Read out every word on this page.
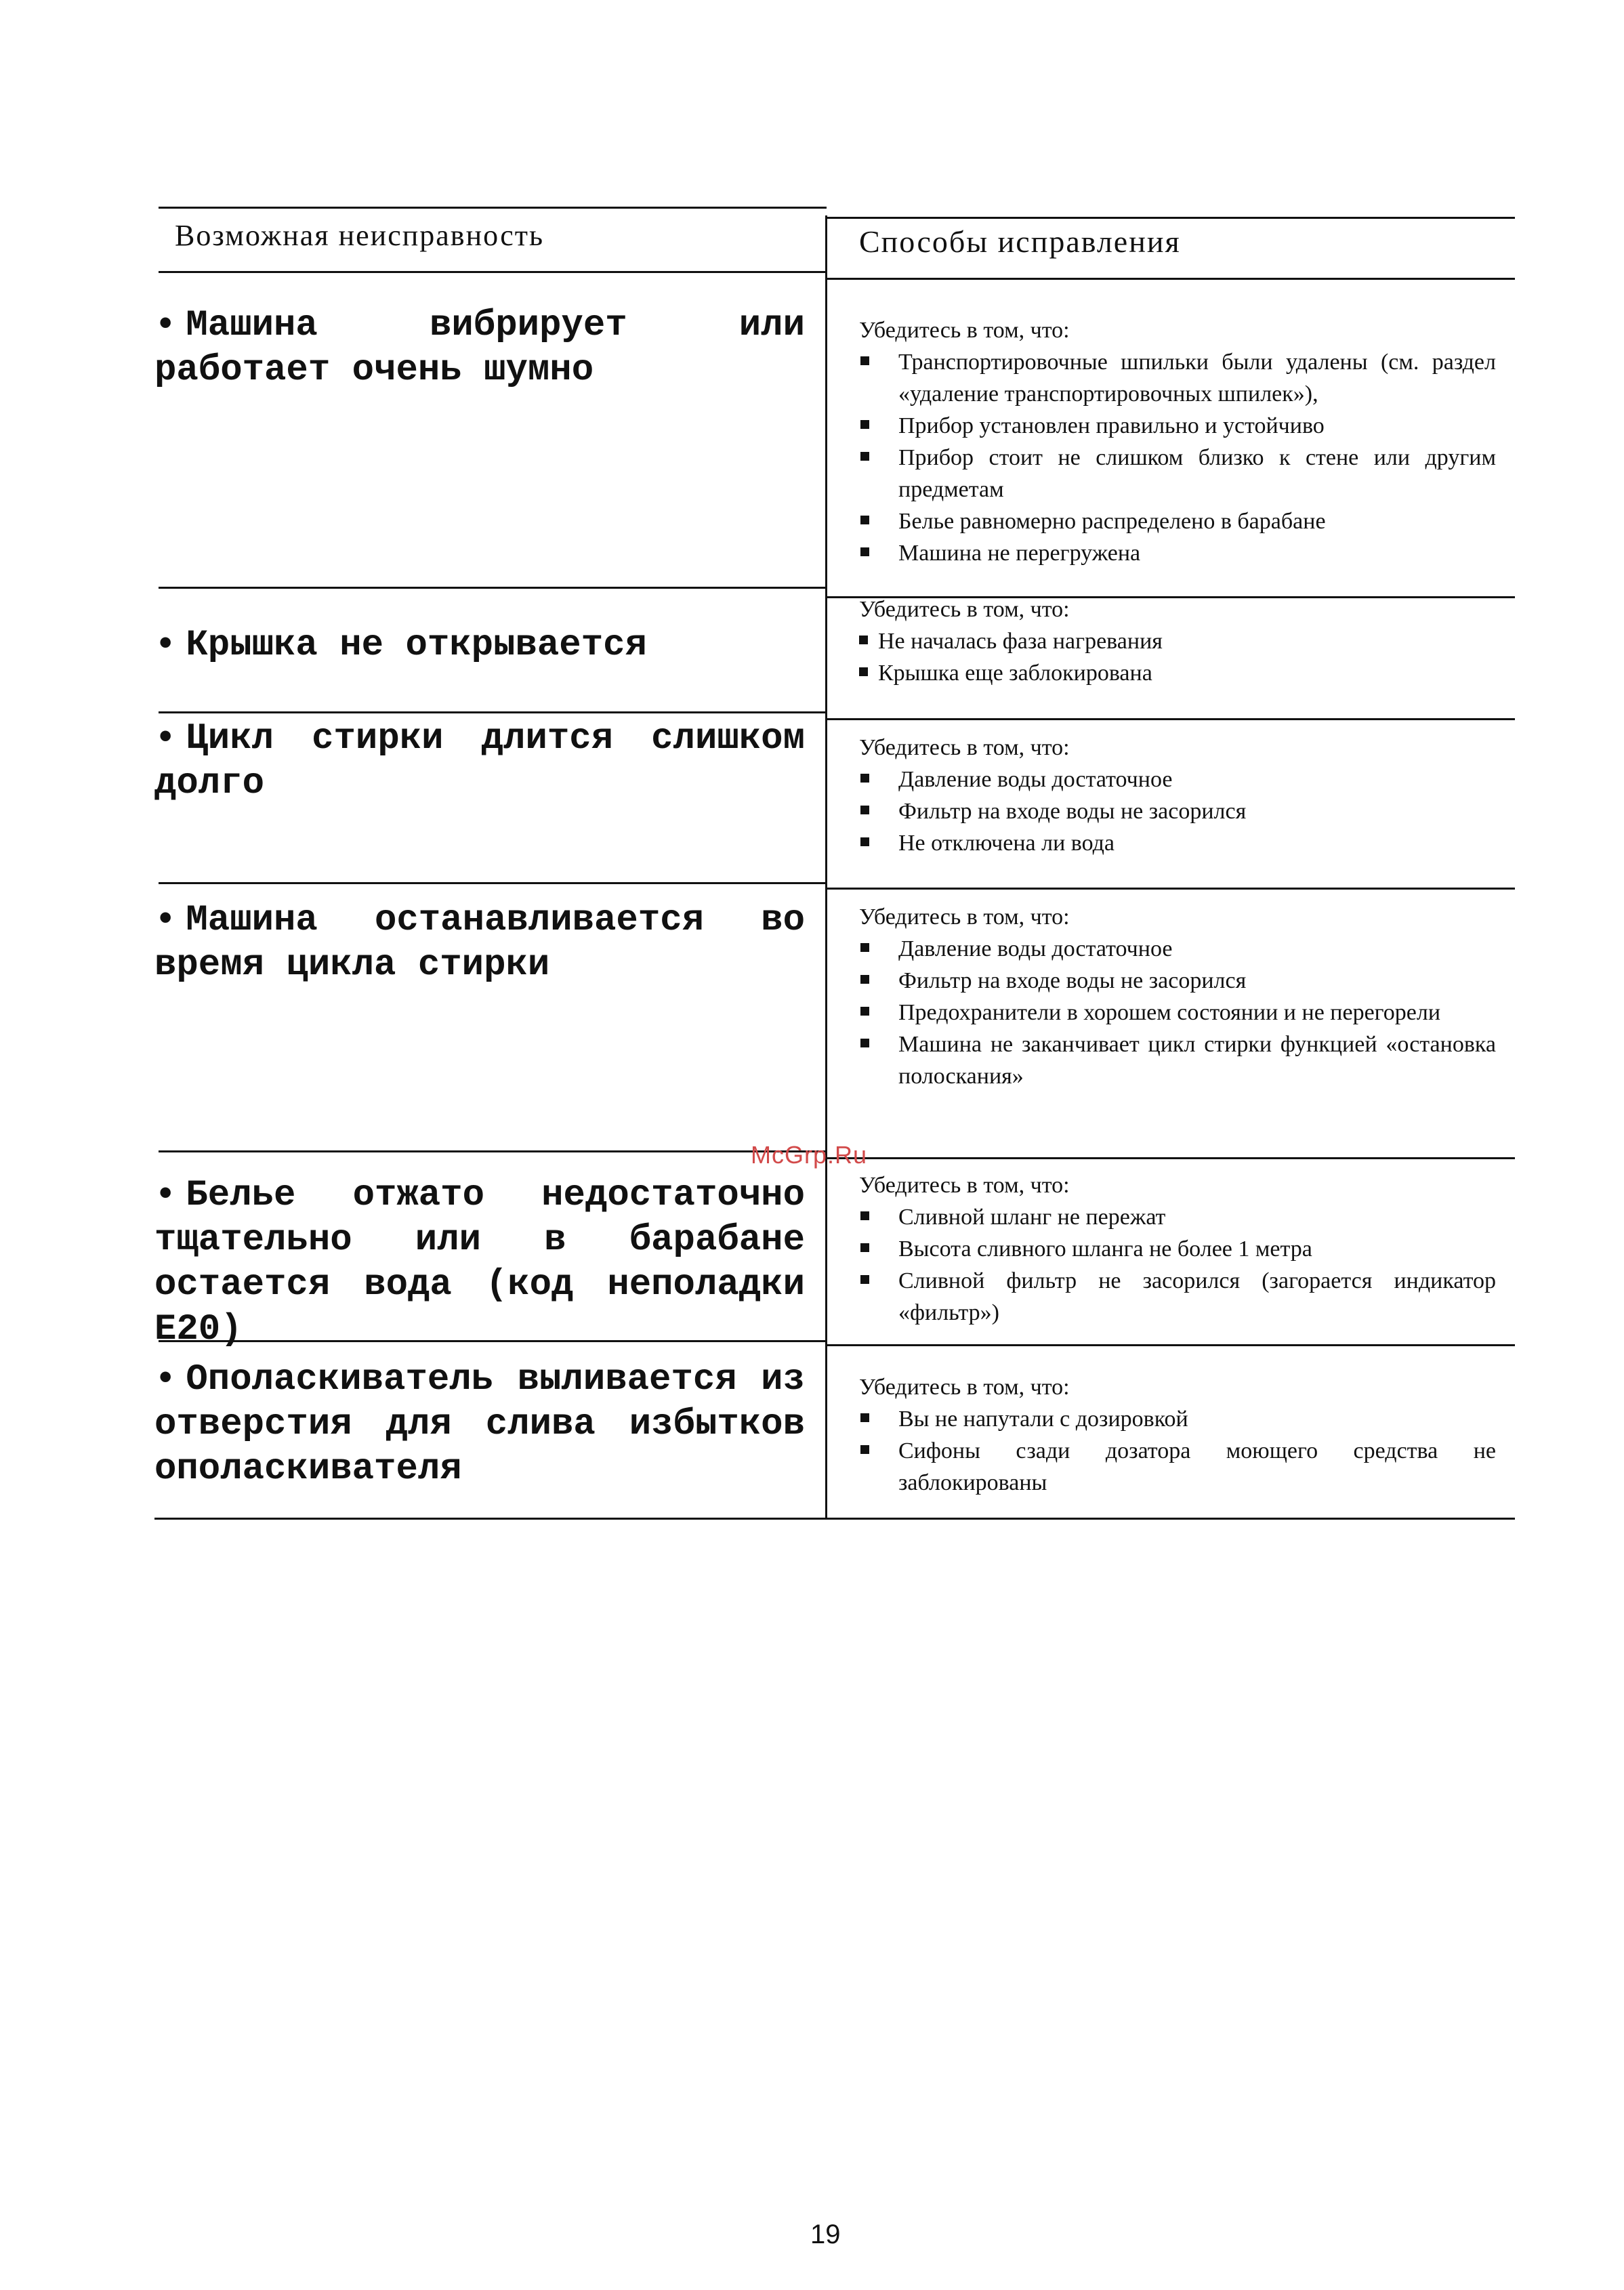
Возможная неисправность	Способы исправления
• Машина вибрирует или работает очень шумно
Убедитесь в том, что:
Транспортировочные шпильки были удалены (см. раздел «удаление транспортировочных шпилек»),
Прибор установлен правильно и устойчиво
Прибор стоит не слишком близко к стене или другим предметам
Белье равномерно распределено в барабане
Машина не перегружена
• Крышка не открывается
Убедитесь в том, что:
Не началась фаза нагревания
Крышка еще заблокирована
• Цикл стирки длится слишком долго
Убедитесь в том, что:
Давление воды достаточное
Фильтр на входе воды не засорился
Не отключена ли вода
• Машина останавливается во время цикла стирки
Убедитесь в том, что:
Давление воды достаточное
Фильтр на входе воды не засорился
Предохранители в хорошем состоянии и не перегорели
Машина не заканчивает цикл стирки функцией «остановка полоскания»
• Белье отжато недостаточно тщательно или в барабане остается вода (код неполадки Е20)
Убедитесь в том, что:
Сливной шланг не пережат
Высота сливного шланга не более 1 метра
Сливной фильтр не засорился (загорается индикатор «фильтр»)
• Ополаскиватель выливается из отверстия для слива избытков ополаскивателя
Убедитесь в том, что:
Вы не напутали с дозировкой
Сифоны сзади дозатора моющего средства не заблокированы
McGrp.Ru
19
